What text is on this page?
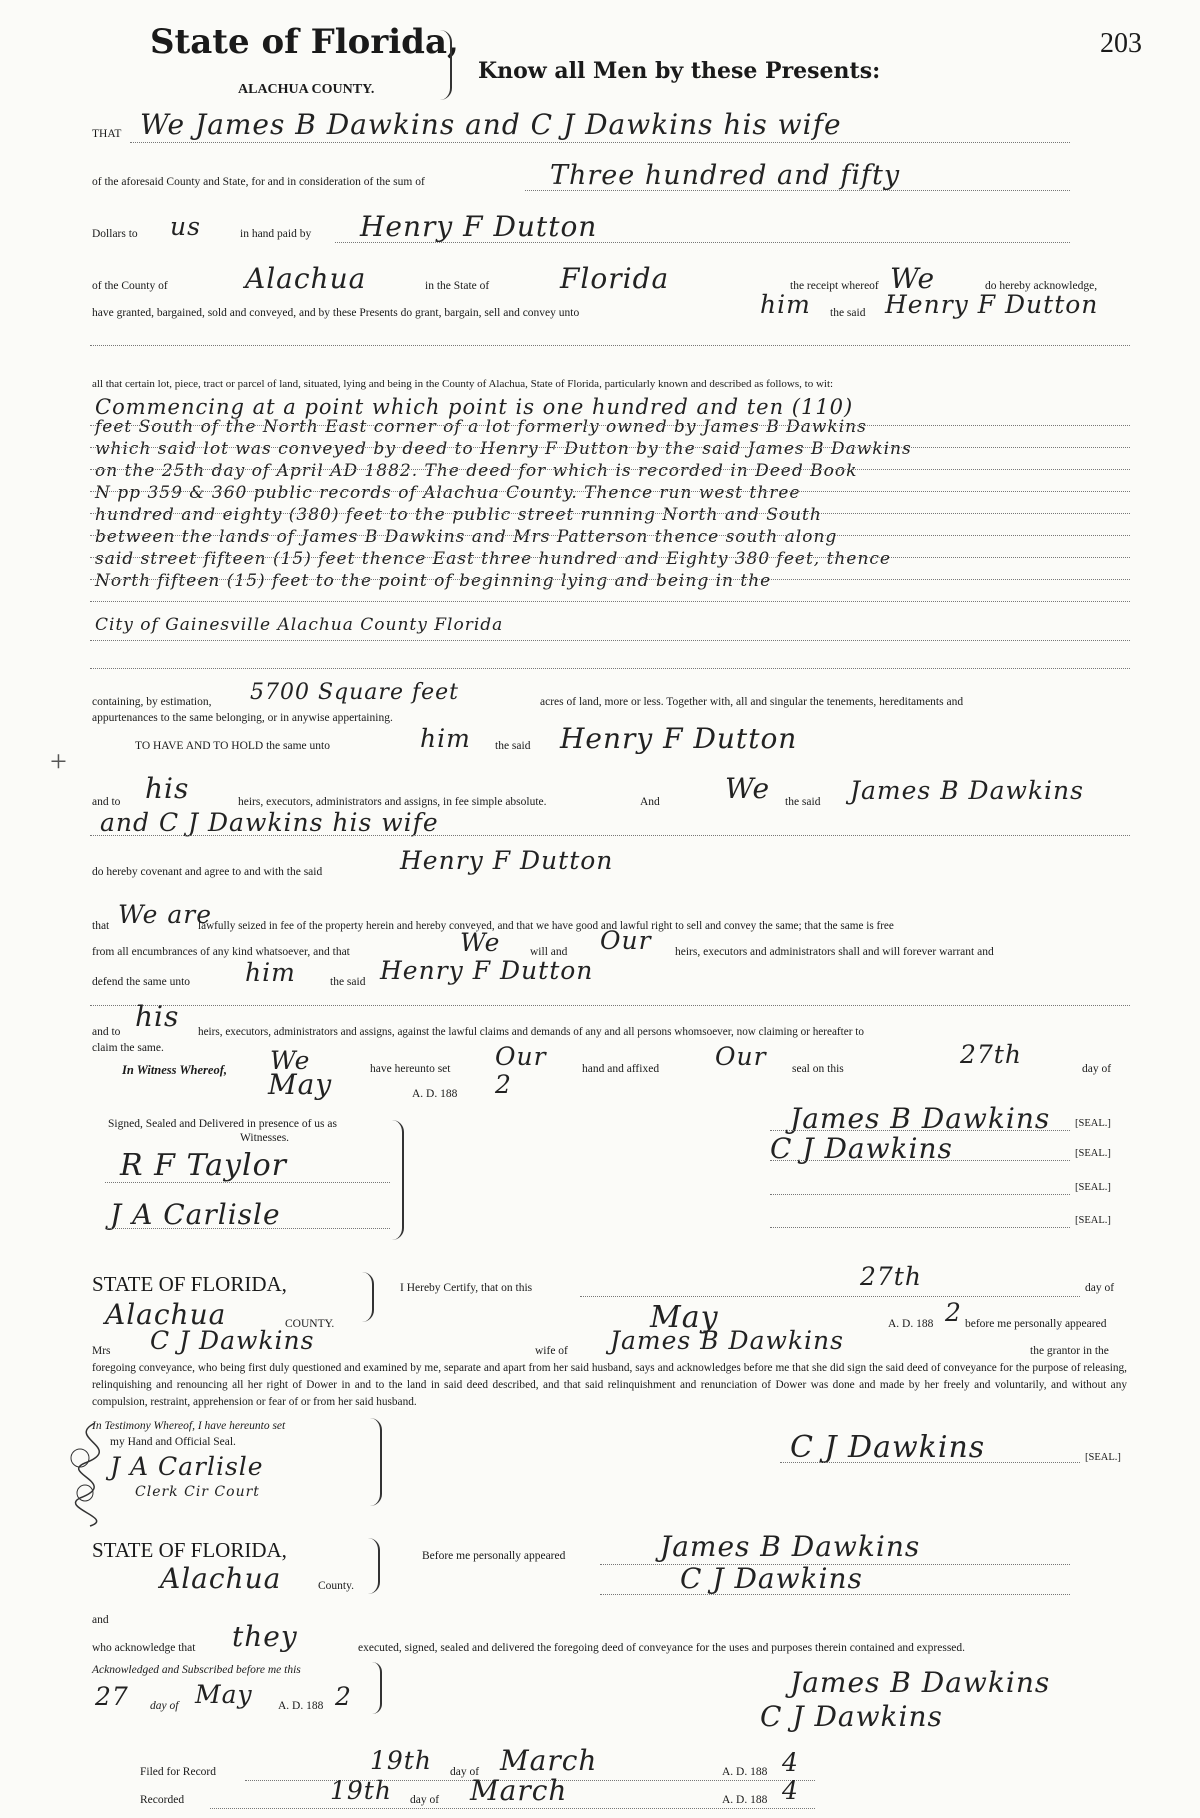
State of Florida,
Know all Men by these Presents:
203
ALACHUA COUNTY.
THAT We James B Dawkins and C J Dawkins his wife
of the aforesaid County and State, for and in consideration of the sum of	Three hundred and fifty
Dollars to us	in hand paid by Henry F Dutton
of the County of	Alachua	in the State of	Florida	the receipt whereof We	do hereby acknowledge,
have granted, bargained, sold and conveyed, and by these Presents do grant, bargain, sell and convey unto	him the said Henry F Dutton
all that certain lot, piece, tract or parcel of land, situated, lying and being in the County of Alachua, State of Florida, particularly known and described as follows, to wit:
Commencing at a point which point is one hundred and ten (110)
feet South of the North East corner of a lot formerly owned by James B Dawkins
which said lot was conveyed by deed to Henry F Dutton by the said James B Dawkins
on the 25th day of April AD 1882. The deed for which is recorded in Deed Book
N pp 359 & 360 public records of Alachua County. Thence run west three
hundred and eighty (380) feet to the public street running North and South
between the lands of James B Dawkins and Mrs Patterson thence south along
said street fifteen (15) feet thence East three hundred and Eighty 380 feet, thence
North fifteen (15) feet to the point of beginning lying and being in the
City of Gainesville Alachua County Florida
containing, by estimation, 5700 Square feet	acres of land, more or less. Together with, all and singular the tenements, hereditaments and
appurtenances to the same belonging, or in anywise appertaining.
TO HAVE AND TO HOLD the same unto	him the said Henry F Dutton
+
and to his	heirs, executors, administrators and assigns, in fee simple absolute.	And We the said James B Dawkins
and C J Dawkins his wife
do hereby covenant and agree to and with the said	Henry F Dutton
that We are
lawfully seized in fee of the property herein and hereby conveyed, and that we have good and lawful right to sell and convey the same; that the same is free
from all encumbrances of any kind whatsoever, and that	We	will and Our heirs, executors and administrators shall and will forever warrant and
defend the same unto him	the said Henry F Dutton
and to his heirs, executors, administrators and assigns, against the lawful claims and demands of any and all persons whomsoever, now claiming or hereafter to
claim the same.
In Witness Whereof, We	have hereunto set Our	hand and affixed Our seal on this	27th	day of
May	A. D. 188 2
Signed, Sealed and Delivered in presence of us as
Witnesses.
R F Taylor
J A Carlisle
James B Dawkins
C J Dawkins
[SEAL.]
[SEAL.]
[SEAL.]
[SEAL.]
STATE OF FLORIDA,
Alachua	COUNTY.
I Hereby Certify, that on this	27th	day of
May	A. D. 188 2 before me personally appeared
Mrs C J Dawkins	wife of James B Dawkins	the grantor in the
foregoing conveyance, who being first duly questioned and examined by me, separate and apart from her said husband, says and acknowledges before me that she did sign the said deed of conveyance for the purpose of releasing, relinquishing and renouncing all her right of Dower in and to the land in said deed described, and that said relinquishment and renunciation of Dower was done and made by her freely and voluntarily, and without any compulsion, restraint, apprehension or fear of or from her said husband.
In Testimony Whereof, I have hereunto set
my Hand and Official Seal.
J A Carlisle
Clerk Cir Court
C J Dawkins	[SEAL.]
STATE OF FLORIDA,
Alachua	County.
Before me personally appeared	James B Dawkins
C J Dawkins
and
who acknowledge that they	executed, signed, sealed and delivered the foregoing deed of conveyance for the uses and purposes therein contained and expressed.
Acknowledged and Subscribed before me this
27 day of May A. D. 188 2	James B Dawkins
C J Dawkins
Filed for Record	19th day of March	A. D. 188 4
Recorded	19th day of March	A. D. 188 4
